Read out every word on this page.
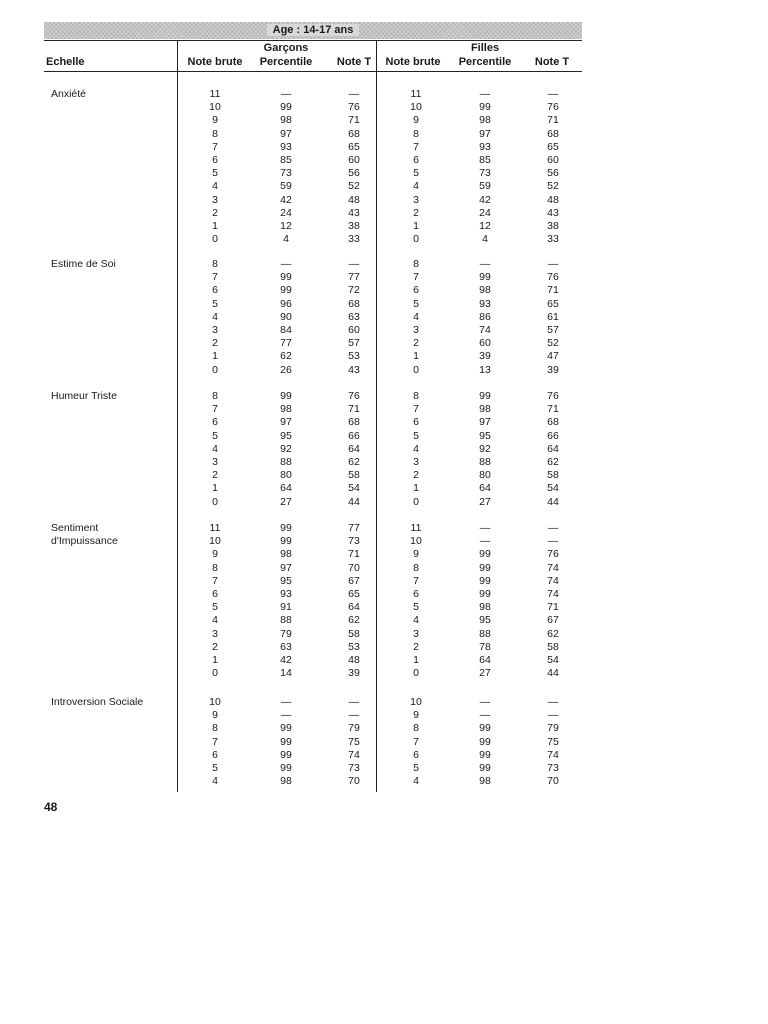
Age : 14-17 ans
Garçons	Filles
Echelle	Note brute	Percentile	Note T	Note brute	Percentile	Note T
Anxiété	11	—	—	11	—	—
10	99	76	10	99	76
9	98	71	9	98	71
8	97	68	8	97	68
7	93	65	7	93	65
6	85	60	6	85	60
5	73	56	5	73	56
4	59	52	4	59	52
3	42	48	3	42	48
2	24	43	2	24	43
1	12	38	1	12	38
0	4	33	0	4	33
Estime de Soi	8	—	—	8	—	—
7	99	77	7	99	76
6	99	72	6	98	71
5	96	68	5	93	65
4	90	63	4	86	61
3	84	60	3	74	57
2	77	57	2	60	52
1	62	53	1	39	47
0	26	43	0	13	39
Humeur Triste	8	99	76	8	99	76
7	98	71	7	98	71
6	97	68	6	97	68
5	95	66	5	95	66
4	92	64	4	92	64
3	88	62	3	88	62
2	80	58	2	80	58
1	64	54	1	64	54
0	27	44	0	27	44
Sentiment
d'Impuissance
11	99	77	11	—	—
10	99	73	10	—	—
9	98	71	9	99	76
8	97	70	8	99	74
7	95	67	7	99	74
6	93	65	6	99	74
5	91	64	5	98	71
4	88	62	4	95	67
3	79	58	3	88	62
2	63	53	2	78	58
1	42	48	1	64	54
0	14	39	0	27	44
Introversion Sociale	10	—	—	10	—	—
9	—	—	9	—	—
8	99	79	8	99	79
7	99	75	7	99	75
6	99	74	6	99	74
5	99	73	5	99	73
4	98	70	4	98	70
48
